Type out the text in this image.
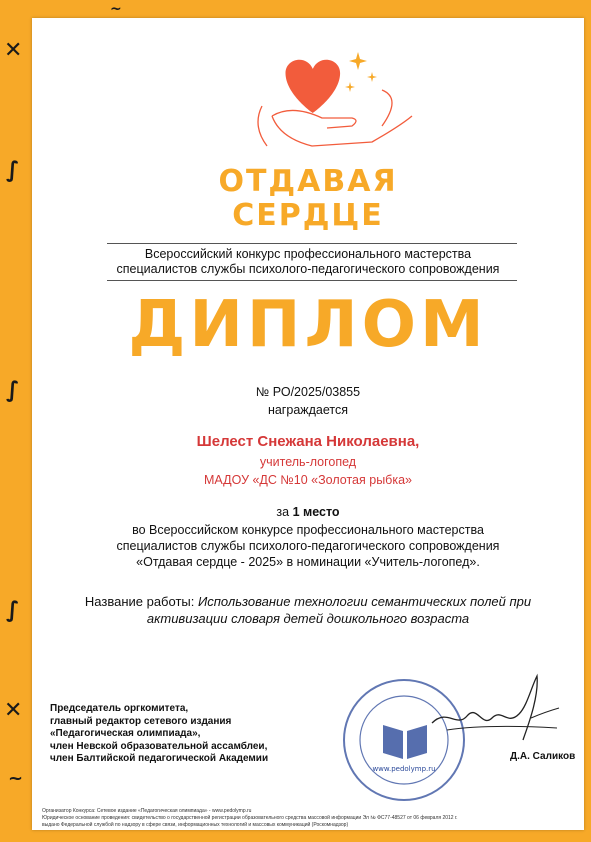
✕
✕
∫
∫
~
∫
~
ОТДАВАЯ
СЕРДЦЕ
Всероссийский конкурс профессионального мастерства
специалистов службы психолого-педагогического сопровождения
ДИПЛОМ
№ РО/2025/03855
награждается
Шелест Снежана Николаевна,
учитель-логопед
МАДОУ «ДС №10 «Золотая рыбка»
за 1 место
во Всероссийском конкурсе профессионального мастерства
специалистов службы психолого-педагогического сопровождения
«Отдавая сердце - 2025» в номинации «Учитель-логопед».
Название работы: Использование технологии семантических полей при
активизации словаря детей дошкольного возраста
Председатель оргкомитета,
главный редактор сетевого издания
«Педагогическая олимпиада»,
член Невской образовательной ассамблеи,
член Балтийской педагогической Академии
www.pedolymp.ru
Д.А. Саликов
Организатор Конкурса: Сетевое издание «Педагогическая олимпиада» - www.pedolymp.ru
Юридическое основание проведения: свидетельство о государственной регистрации образовательного средства массовой информации Эл № ФС77-48527 от 06 февраля 2012 г.
выдано Федеральной службой по надзору в сфере связи, информационных технологий и массовых коммуникаций (Роскомнадзор)
